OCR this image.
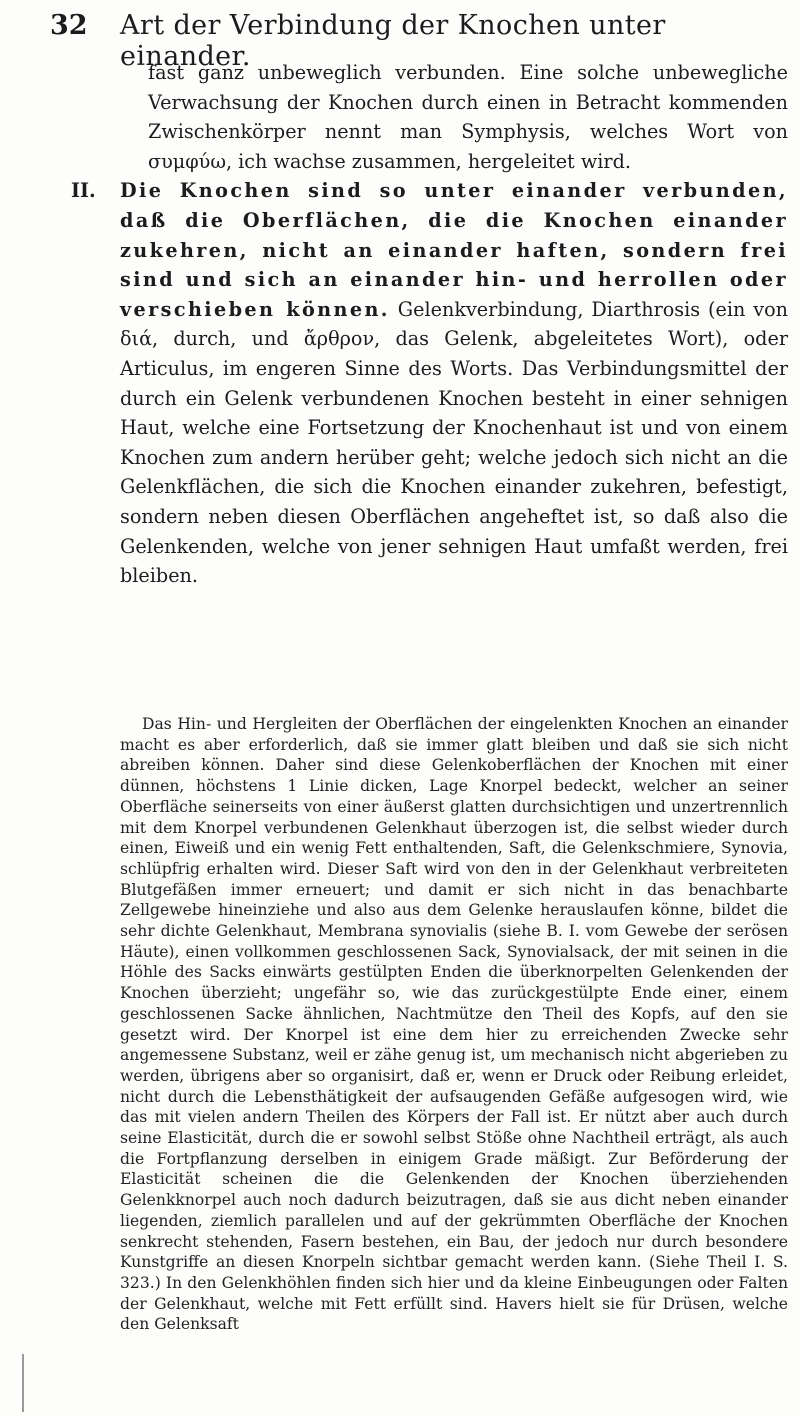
32 Art der Verbindung der Knochen unter einander.

fast ganz unbeweglich verbunden. Eine solche unbewegliche Verwachsung der Knochen durch einen in Betracht kommenden Zwischenkörper nennt man Symphysis, welches Wort von συμφύω, ich wachse zusammen, hergeleitet wird.

II. Die Knochen sind so unter einander verbunden, daß die Oberflächen, die die Knochen einander zukehren, nicht an einander haften, sondern frei sind und sich an einander hin- und herrollen oder verschieben können. Gelenkverbindung, Diarthrosis (ein von διά, durch, und ἄρθρον, das Gelenk, abgeleitetes Wort), oder Articulus, im engeren Sinne des Worts. Das Verbindungsmittel der durch ein Gelenk verbundenen Knochen besteht in einer sehnigen Haut, welche eine Fortsetzung der Knochenhaut ist und von einem Knochen zum andern herüber geht; welche jedoch sich nicht an die Gelenkflächen, die sich die Knochen einander zukehren, befestigt, sondern neben diesen Oberflächen angeheftet ist, so daß also die Gelenkenden, welche von jener sehnigen Haut umfaßt werden, frei bleiben.

Das Hin- und Hergleiten der Oberflächen der eingelenkten Knochen an einander macht es aber erforderlich, daß sie immer glatt bleiben und daß sie sich nicht abreiben können. Daher sind diese Gelenkoberflächen der Knochen mit einer dünnen, höchstens 1 Linie dicken, Lage Knorpel bedeckt, welcher an seiner Oberfläche seinerseits von einer äußerst glatten durchsichtigen und unzertrennlich mit dem Knorpel verbundenen Gelenkhaut überzogen ist, die selbst wieder durch einen, Eiweiß und ein wenig Fett enthaltenden, Saft, die Gelenkschmiere, Synovia, schlüpfrig erhalten wird. Dieser Saft wird von den in der Gelenkhaut verbreiteten Blutgefäßen immer erneuert; und damit er sich nicht in das benachbarte Zellgewebe hineinziehe und also aus dem Gelenke herauslaufen könne, bildet die sehr dichte Gelenkhaut, Membrana synovialis (siehe B. I. vom Gewebe der serösen Häute), einen vollkommen geschlossenen Sack, Synovialsack, der mit seinen in die Höhle des Sacks einwärts gestülpten Enden die überknorpelten Gelenkenden der Knochen überzieht; ungefähr so, wie das zurückgestülpte Ende einer, einem geschlossenen Sacke ähnlichen, Nachtmütze den Theil des Kopfs, auf den sie gesetzt wird. Der Knorpel ist eine dem hier zu erreichenden Zwecke sehr angemessene Substanz, weil er zähe genug ist, um mechanisch nicht abgerieben zu werden, übrigens aber so organisirt, daß er, wenn er Druck oder Reibung erleidet, nicht durch die Lebensthätigkeit der aufsaugenden Gefäße aufgesogen wird, wie das mit vielen andern Theilen des Körpers der Fall ist. Er nützt aber auch durch seine Elasticität, durch die er sowohl selbst Stöße ohne Nachtheil erträgt, als auch die Fortpflanzung derselben in einigem Grade mäßigt. Zur Beförderung der Elasticität scheinen die die Gelenkenden der Knochen überziehenden Gelenkknorpel auch noch dadurch beizutragen, daß sie aus dicht neben einander liegenden, ziemlich parallelen und auf der gekrümmten Oberfläche der Knochen senkrecht stehenden, Fasern bestehen, ein Bau, der jedoch nur durch besondere Kunstgriffe an diesen Knorpeln sichtbar gemacht werden kann. (Siehe Theil I. S. 323.) In den Gelenkhöhlen finden sich hier und da kleine Einbeugungen oder Falten der Gelenkhaut, welche mit Fett erfüllt sind. Havers hielt sie für Drüsen, welche den Gelenksaft
